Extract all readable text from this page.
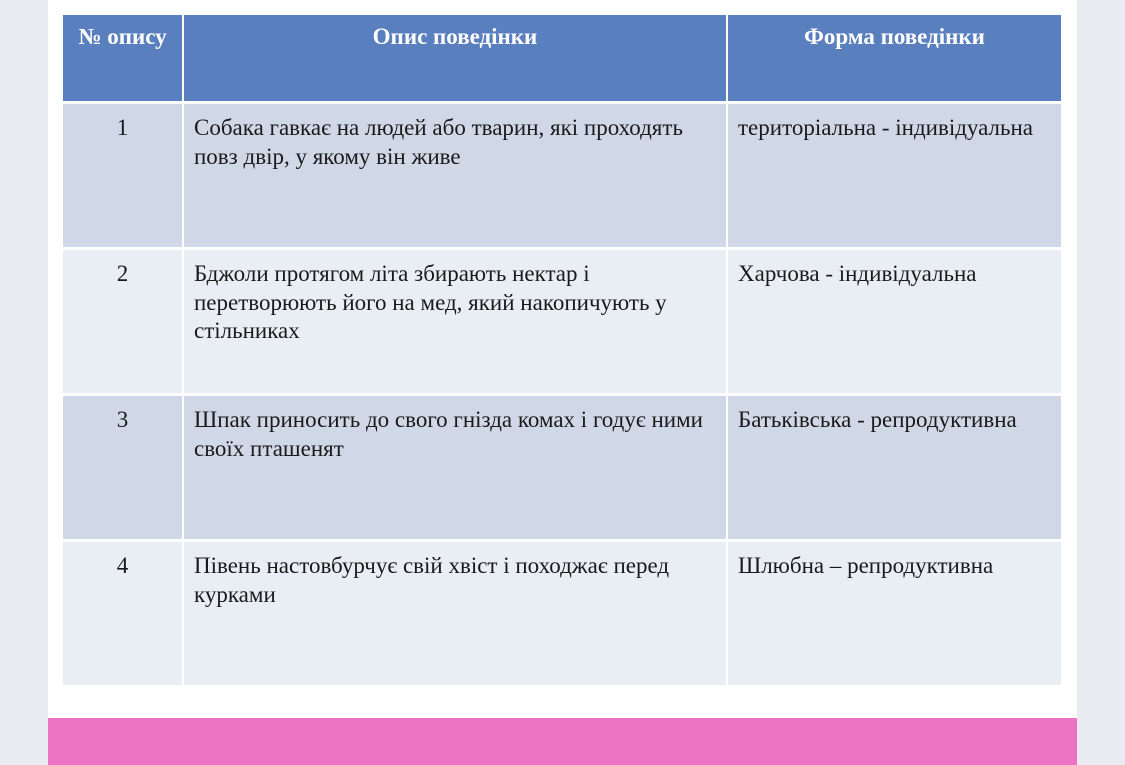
№ опису	Опис поведінки	Форма поведінки
1	Собака гавкає на людей або тварин, які проходять повз двір, у якому він живе	територіальна - індивідуальна
2	Бджоли протягом літа збирають нектар і перетворюють його на мед, який накопичують у стільниках	Харчова - індивідуальна
3	Шпак приносить до свого гнізда комах і годує ними своїх пташенят	Батьківська - репродуктивна
4	Півень настовбурчує свій хвіст і походжає перед курками	Шлюбна – репродуктивна
